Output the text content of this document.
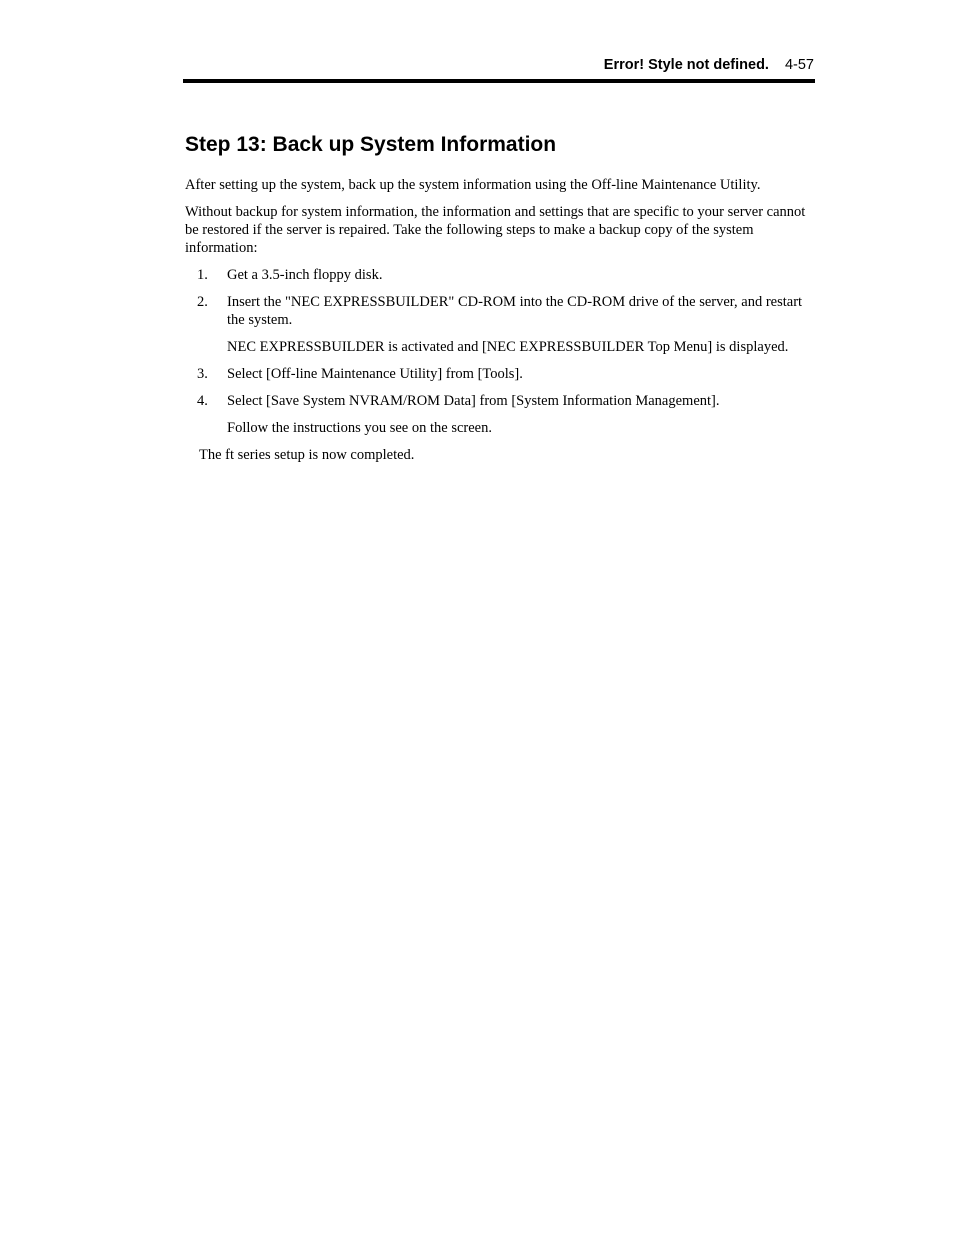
Error! Style not defined. 4-57
Step 13: Back up System Information

After setting up the system, back up the system information using the Off-line Maintenance Utility.

Without backup for system information, the information and settings that are specific to your server cannot be restored if the server is repaired. Take the following steps to make a backup copy of the system information:

1. Get a 3.5-inch floppy disk.
2. Insert the "NEC EXPRESSBUILDER" CD-ROM into the CD-ROM drive of the server, and restart the system.
NEC EXPRESSBUILDER is activated and [NEC EXPRESSBUILDER Top Menu] is displayed.
3. Select [Off-line Maintenance Utility] from [Tools].
4. Select [Save System NVRAM/ROM Data] from [System Information Management].
Follow the instructions you see on the screen.

The ft series setup is now completed.
